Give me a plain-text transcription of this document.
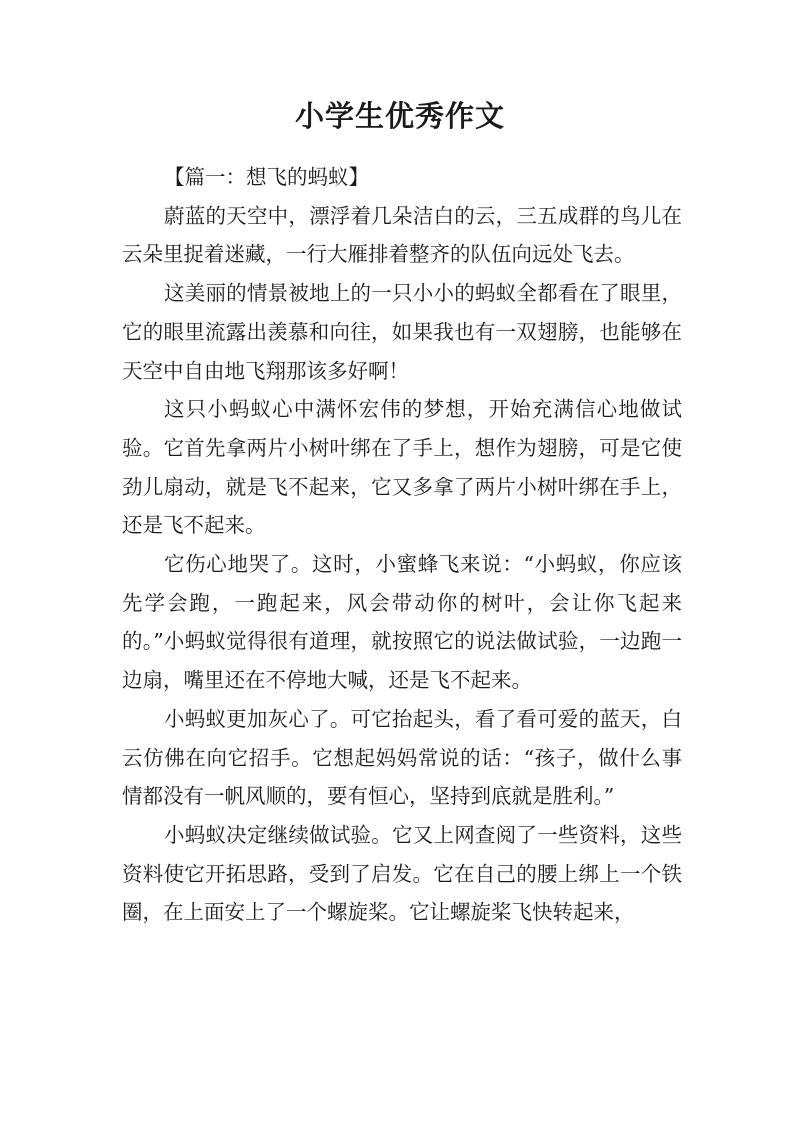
小学生优秀作文

【篇一：想飞的蚂蚁】

蔚蓝的天空中，漂浮着几朵洁白的云，三五成群的鸟儿在云朵里捉着迷藏，一行大雁排着整齐的队伍向远处飞去。

这美丽的情景被地上的一只小小的蚂蚁全都看在了眼里，它的眼里流露出羡慕和向往，如果我也有一双翅膀，也能够在天空中自由地飞翔那该多好啊！

这只小蚂蚁心中满怀宏伟的梦想，开始充满信心地做试验。它首先拿两片小树叶绑在了手上，想作为翅膀，可是它使劲儿扇动，就是飞不起来，它又多拿了两片小树叶绑在手上，还是飞不起来。

它伤心地哭了。这时，小蜜蜂飞来说：“小蚂蚁，你应该先学会跑，一跑起来，风会带动你的树叶，会让你飞起来的。”小蚂蚁觉得很有道理，就按照它的说法做试验，一边跑一边扇，嘴里还在不停地大喊，还是飞不起来。

小蚂蚁更加灰心了。可它抬起头，看了看可爱的蓝天，白云仿佛在向它招手。它想起妈妈常说的话：“孩子，做什么事情都没有一帆风顺的，要有恒心，坚持到底就是胜利。”

小蚂蚁决定继续做试验。它又上网查阅了一些资料，这些资料使它开拓思路，受到了启发。它在自己的腰上绑上一个铁圈，在上面安上了一个螺旋桨。它让螺旋桨飞快转起来，
